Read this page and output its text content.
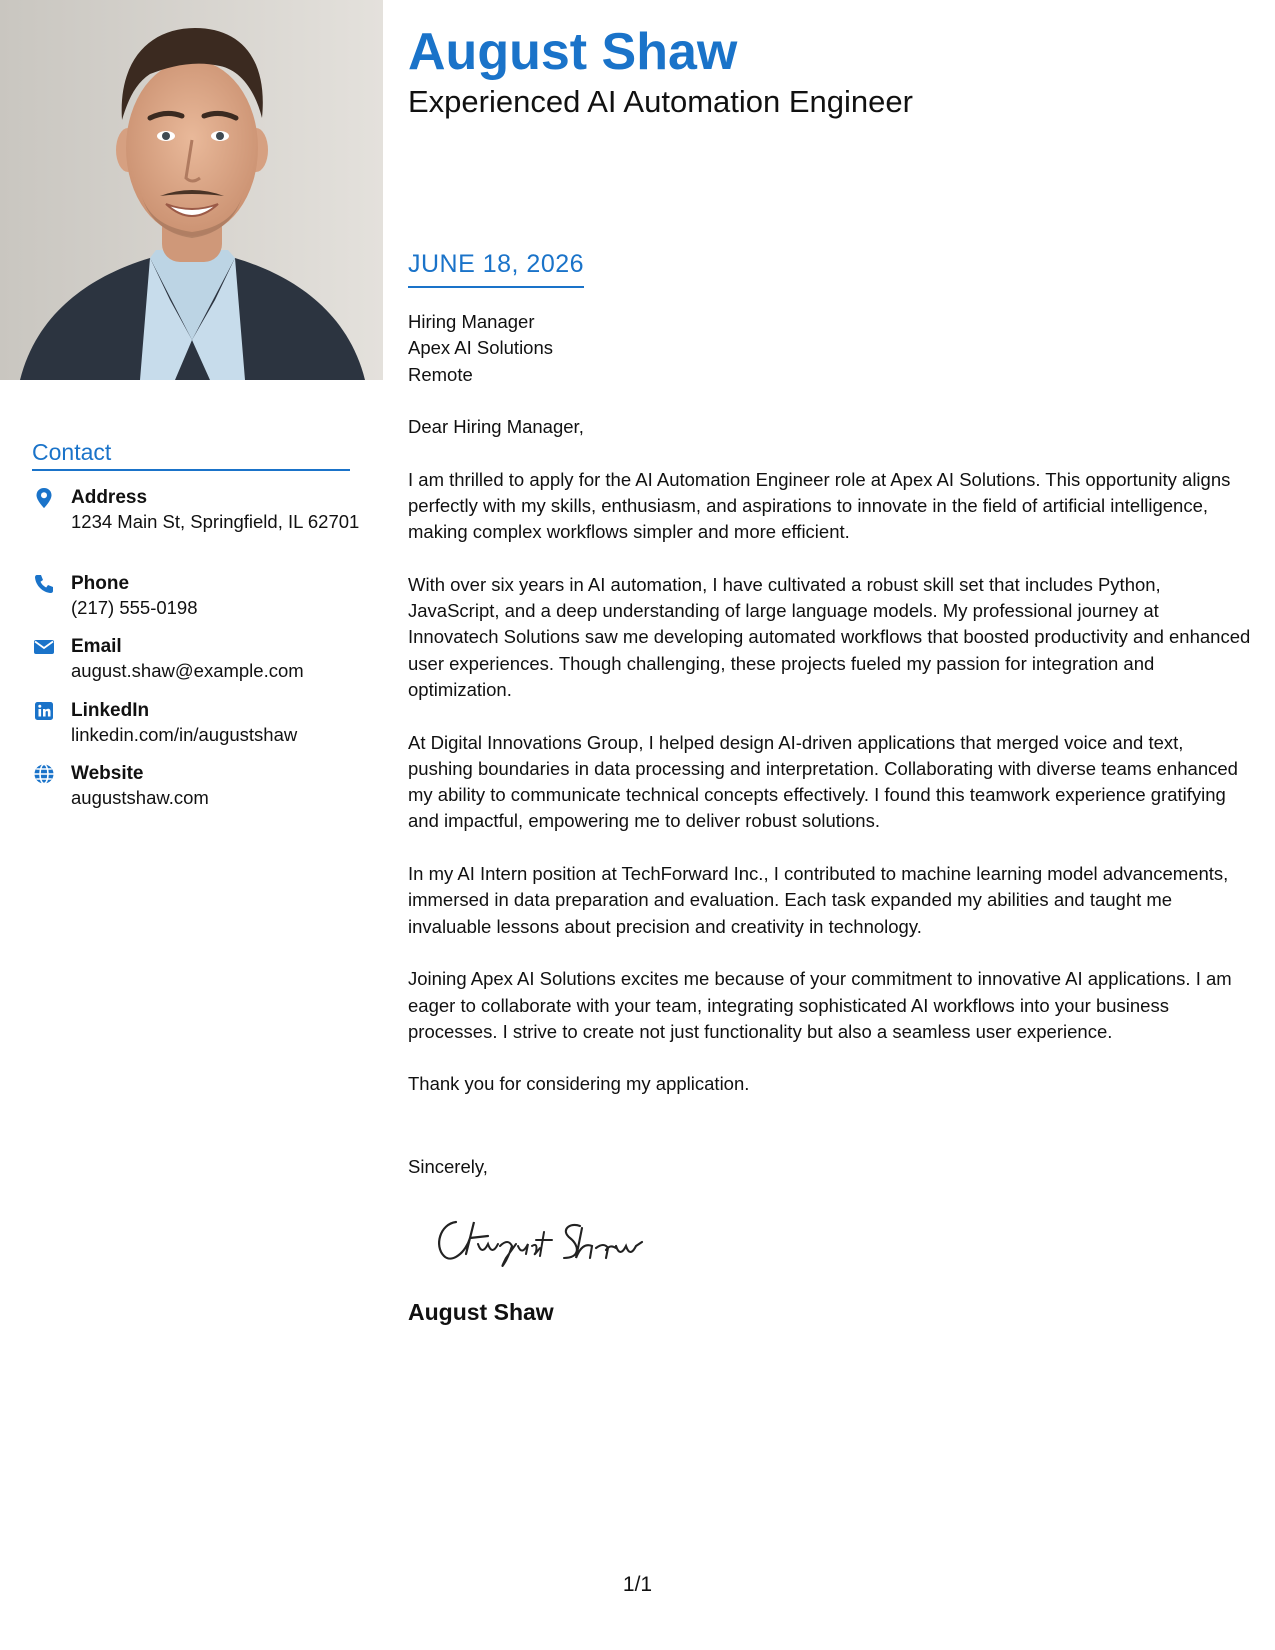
August Shaw
Experienced AI Automation Engineer
JUNE 18, 2026
Hiring Manager
Apex AI Solutions
Remote

Dear Hiring Manager,

I am thrilled to apply for the AI Automation Engineer role at Apex AI Solutions. This opportunity aligns perfectly with my skills, enthusiasm, and aspirations to innovate in the field of artificial intelligence, making complex workflows simpler and more efficient.

With over six years in AI automation, I have cultivated a robust skill set that includes Python, JavaScript, and a deep understanding of large language models. My professional journey at Innovatech Solutions saw me developing automated workflows that boosted productivity and enhanced user experiences. Though challenging, these projects fueled my passion for integration and optimization.

At Digital Innovations Group, I helped design AI-driven applications that merged voice and text, pushing boundaries in data processing and interpretation. Collaborating with diverse teams enhanced my ability to communicate technical concepts effectively. I found this teamwork experience gratifying and impactful, empowering me to deliver robust solutions.

In my AI Intern position at TechForward Inc., I contributed to machine learning model advancements, immersed in data preparation and evaluation. Each task expanded my abilities and taught me invaluable lessons about precision and creativity in technology.

Joining Apex AI Solutions excites me because of your commitment to innovative AI applications. I am eager to collaborate with your team, integrating sophisticated AI workflows into your business processes. I strive to create not just functionality but also a seamless user experience.

Thank you for considering my application.

Sincerely,
August Shaw
Contact
Address
1234 Main St, Springfield, IL 62701
Phone
(217) 555-0198
Email
august.shaw@example.com
LinkedIn
linkedin.com/in/augustshaw
Website
augustshaw.com
1/1
